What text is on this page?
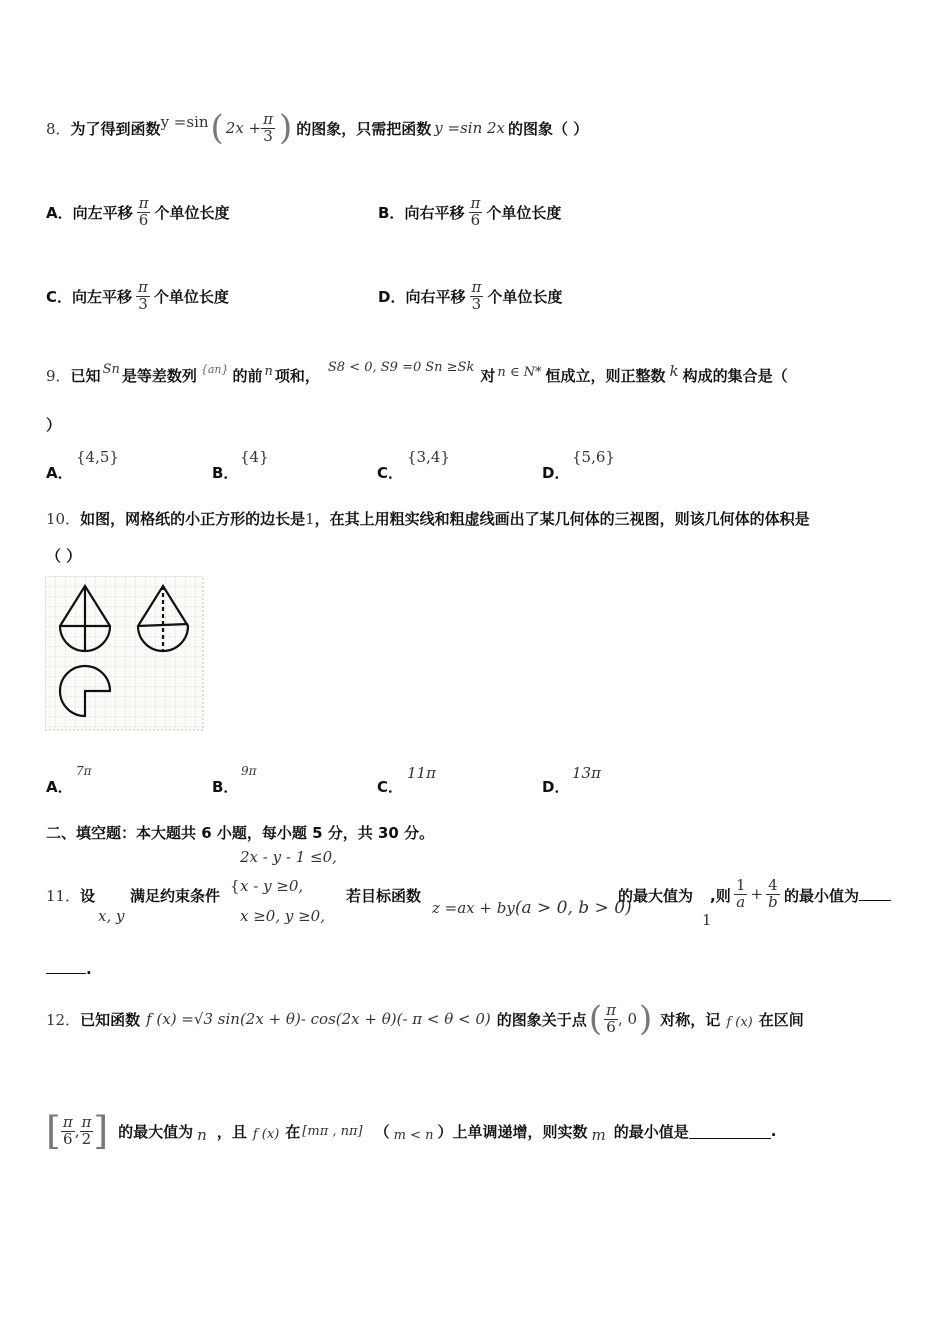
8． 为了得到函数 y =sin ( $2x + \frac{\pi}{3}$ ) 的图象，只需把函数 y =sin 2x 的图象（ ）
A． 向左平移 $\frac{\pi}{6}$ 个单位长度	B． 向右平移 $\frac{\pi}{6}$ 个单位长度
C． 向左平移 $\frac{\pi}{3}$ 个单位长度	D． 向右平移 $\frac{\pi}{3}$ 个单位长度
9． 已知 Sn 是等差数列 {an} 的前 n 项和， S8 < 0, S9 =0 Sn ≥Sk 对 n ∈ N* 恒成立，则正整数 k 构成的集合是（
）
A．
{4,5}
B．
{4}
C．
{3,4}
D．
{5,6}
10．如图，网格纸的小正方形的边长是1，在其上用粗实线和粗虚线画出了某几何体的三视图，则该几何体的体积是
（ ）
A．
7π
B．
9π
C．
11π
D．
13π
二、填空题：本大题共 6 小题，每小题 5 分，共 30 分。
11． 设
x, y
满足约束条件
2x - y - 1 ≤0,
{ x - y ≥0,
x ≥0, y ≥0,
若目标函数
z =ax + by (a > 0, b > 0)
的最大值为
1
,则 $\frac{1}{a} + \frac{4}{b}$ 的最小值为
.
12． 已知函数 f (x) =√3 sin(2x + θ)- cos(2x + θ)(- π < θ < 0) 的图象关于点 ( $\frac{\pi}{6}$ , 0 ) 对称，记 f (x) 在区间
[ $\frac{\pi}{6}$ , $\frac{\pi}{2}$ ] 的最大值为 n ，且 f (x) 在 [mπ , nπ] （ m < n ）上单调递增，则实数 m 的最小值是	.
